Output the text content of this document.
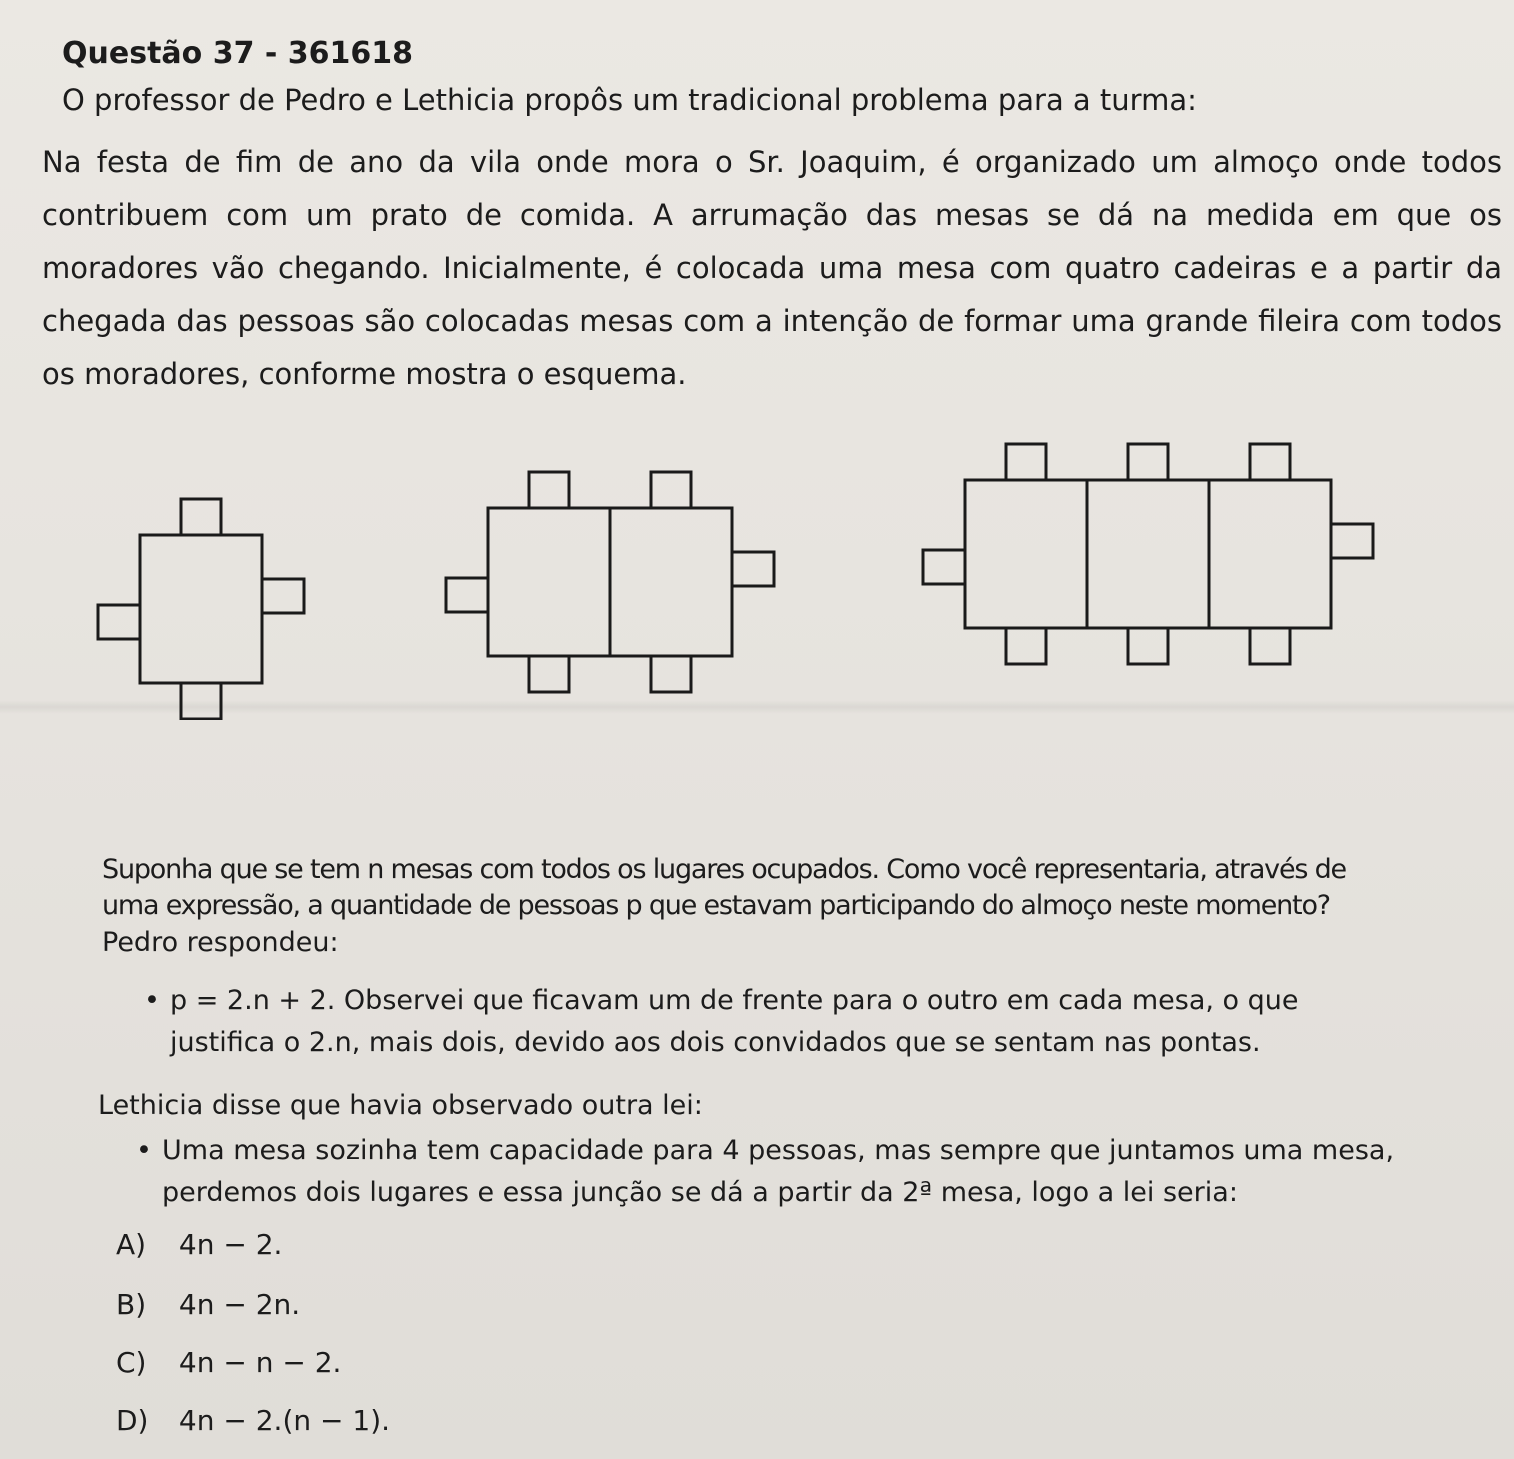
Questão 37 - 361618
O professor de Pedro e Lethicia propôs um tradicional problema para a turma:
Na festa de fim de ano da vila onde mora o Sr. Joaquim, é organizado um almoço onde todos contribuem com um prato de comida. A arrumação das mesas se dá na medida em que os moradores vão chegando. Inicialmente, é colocada uma mesa com quatro cadeiras e a partir da chegada das pessoas são colocadas mesas com a intenção de formar uma grande fileira com todos os moradores, conforme mostra o esquema.
Suponha que se tem n mesas com todos os lugares ocupados. Como você representaria, através de uma expressão, a quantidade de pessoas p que estavam participando do almoço neste momento?
Pedro respondeu:
• p = 2.n + 2. Observei que ficavam um de frente para o outro em cada mesa, o que justifica o 2.n, mais dois, devido aos dois convidados que se sentam nas pontas.
Lethicia disse que havia observado outra lei:
• Uma mesa sozinha tem capacidade para 4 pessoas, mas sempre que juntamos uma mesa, perdemos dois lugares e essa junção se dá a partir da 2ª mesa, logo a lei seria:
A) 4n − 2.
B) 4n − 2n.
C) 4n − n − 2.
D) 4n − 2.(n − 1).
